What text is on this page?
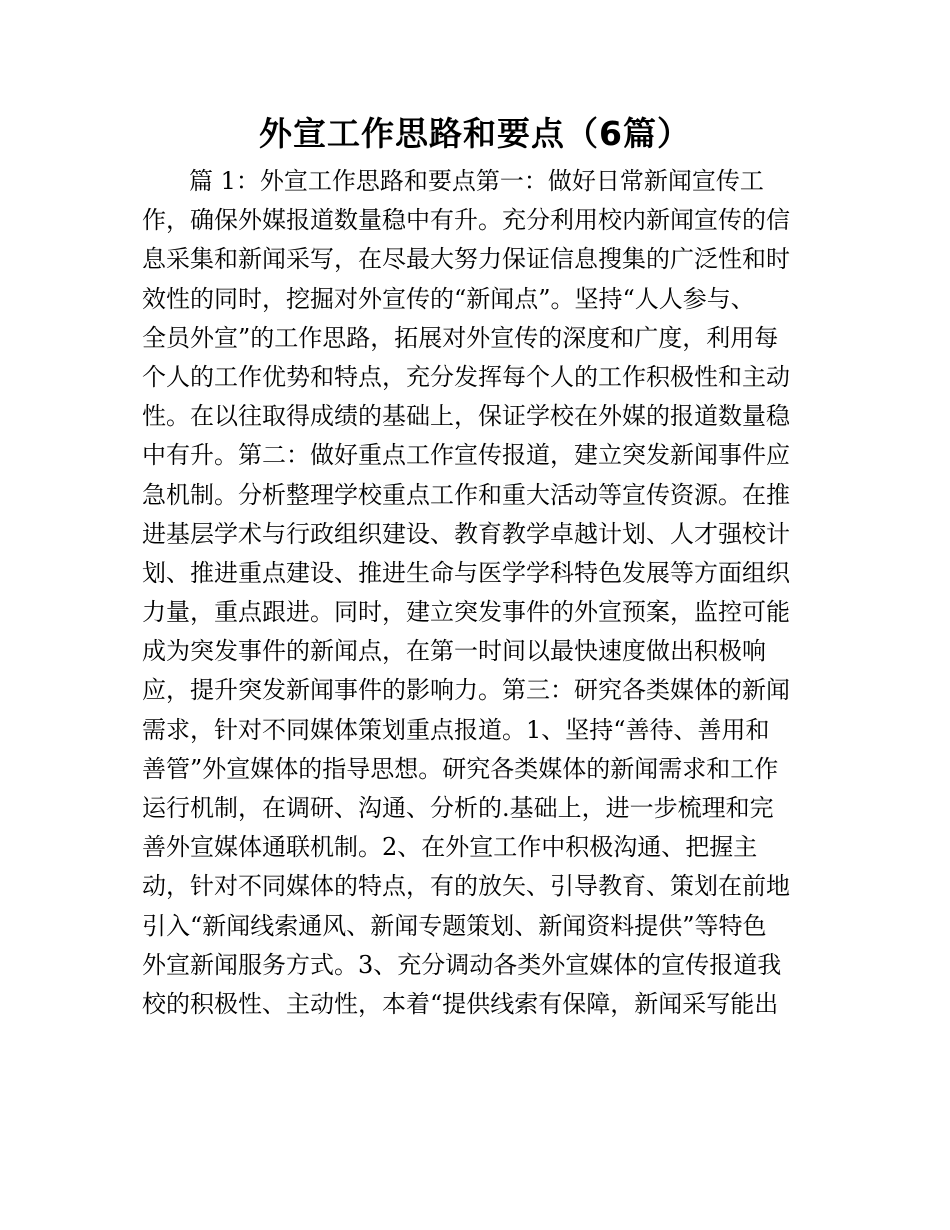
外宣工作思路和要点（6篇）
篇 1：外宣工作思路和要点第一：做好日常新闻宣传工
作，确保外媒报道数量稳中有升。充分利用校内新闻宣传的信
息采集和新闻采写，在尽最大努力保证信息搜集的广泛性和时
效性的同时，挖掘对外宣传的“新闻点”。坚持“人人参与、
全员外宣”的工作思路，拓展对外宣传的深度和广度，利用每
个人的工作优势和特点，充分发挥每个人的工作积极性和主动
性。在以往取得成绩的基础上，保证学校在外媒的报道数量稳
中有升。第二：做好重点工作宣传报道，建立突发新闻事件应
急机制。分析整理学校重点工作和重大活动等宣传资源。在推
进基层学术与行政组织建设、教育教学卓越计划、人才强校计
划、推进重点建设、推进生命与医学学科特色发展等方面组织
力量，重点跟进。同时，建立突发事件的外宣预案，监控可能
成为突发事件的新闻点，在第一时间以最快速度做出积极响
应，提升突发新闻事件的影响力。第三：研究各类媒体的新闻
需求，针对不同媒体策划重点报道。1、坚持“善待、善用和
善管”外宣媒体的指导思想。研究各类媒体的新闻需求和工作
运行机制，在调研、沟通、分析的.基础上，进一步梳理和完
善外宣媒体通联机制。2、在外宣工作中积极沟通、把握主
动，针对不同媒体的特点，有的放矢、引导教育、策划在前地
引入“新闻线索通风、新闻专题策划、新闻资料提供”等特色
外宣新闻服务方式。3、充分调动各类外宣媒体的宣传报道我
校的积极性、主动性，本着“提供线索有保障，新闻采写能出
